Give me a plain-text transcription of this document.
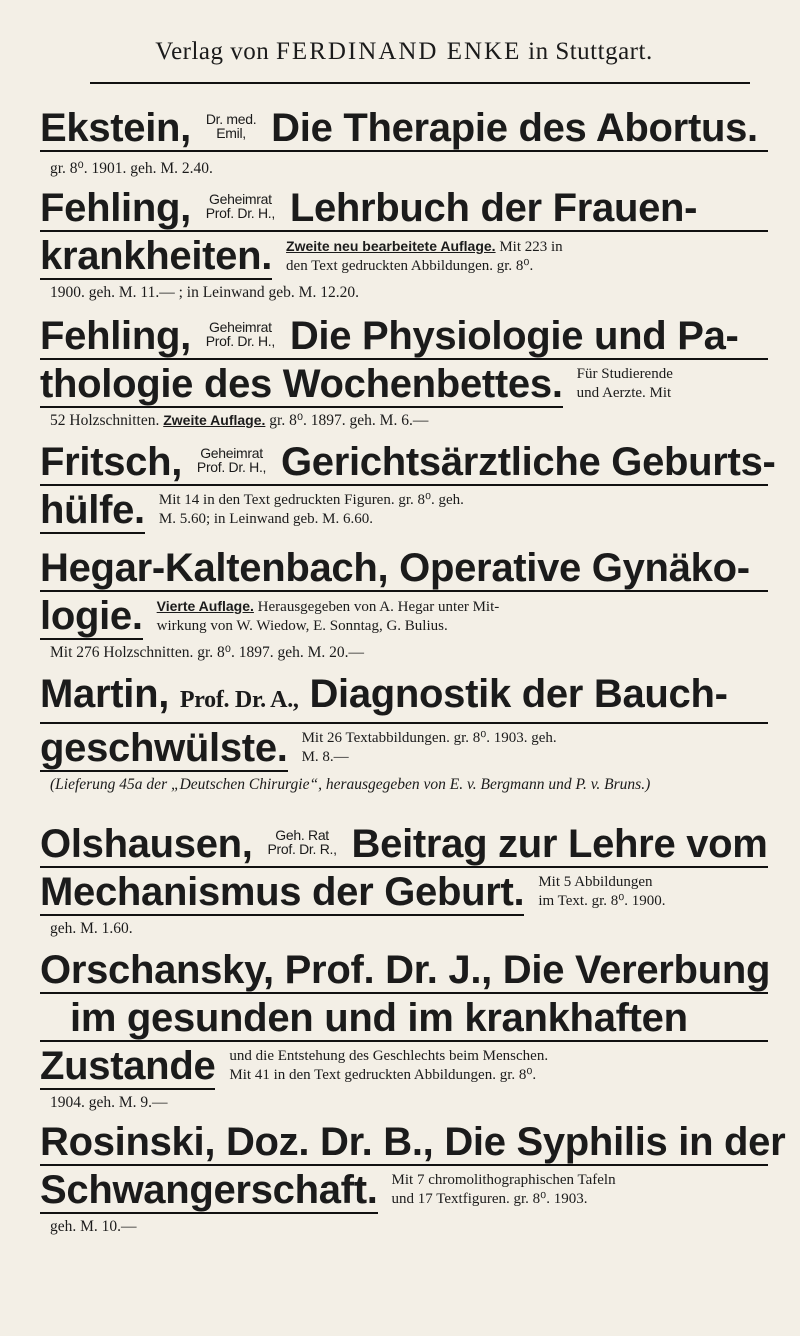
Verlag von FERDINAND ENKE in Stuttgart.
Ekstein, Dr. med.
Emil, Die Therapie des Abortus.
gr. 8⁰. 1901. geh. M. 2.40.
Fehling, Geheimrat
Prof. Dr. H., Lehrbuch der Frauen-
krankheiten.	Zweite neu bearbeitete Auflage. Mit 223 in
den Text gedruckten Abbildungen. gr. 8⁰.
1900. geh. M. 11.— ; in Leinwand geb. M. 12.20.
Fehling, Geheimrat
Prof. Dr. H., Die Physiologie und Pa-
thologie des Wochenbettes. Für Studierende
und Aerzte. Mit
52 Holzschnitten. Zweite Auflage. gr. 8⁰. 1897. geh. M. 6.—
Fritsch, Geheimrat
Prof. Dr. H., Gerichtsärztliche Geburts-
hülfe. Mit 14 in den Text gedruckten Figuren. gr. 8⁰. geh.
M. 5.60; in Leinwand geb. M. 6.60.
Hegar-Kaltenbach, Operative Gynäko-
logie.	Vierte Auflage. Herausgegeben von A. Hegar unter Mit-
wirkung von W. Wiedow, E. Sonntag, G. Bulius.
Mit 276 Holzschnitten. gr. 8⁰. 1897. geh. M. 20.—
Martin, Prof. Dr. A., Diagnostik der Bauch-
geschwülste. Mit 26 Textabbildungen. gr. 8⁰. 1903. geh.
M. 8.—
(Lieferung 45a der „Deutschen Chirurgie“, herausgegeben von E. v. Bergmann und P. v. Bruns.)
Olshausen,	Geh. Rat
Prof. Dr. R., Beitrag zur Lehre vom
Mechanismus der Geburt. Mit 5 Abbildungen
im Text. gr. 8⁰. 1900.
geh. M. 1.60.
Orschansky, Prof. Dr. J., Die Vererbung
im gesunden und im krankhaften
Zustande und die Entstehung des Geschlechts beim Menschen.
Mit 41 in den Text gedruckten Abbildungen. gr. 8⁰.
1904. geh. M. 9.—
Rosinski, Doz. Dr. B., Die Syphilis in der
Schwangerschaft. Mit 7 chromolithographischen Tafeln
und 17 Textfiguren. gr. 8⁰. 1903.
geh. M. 10.—
